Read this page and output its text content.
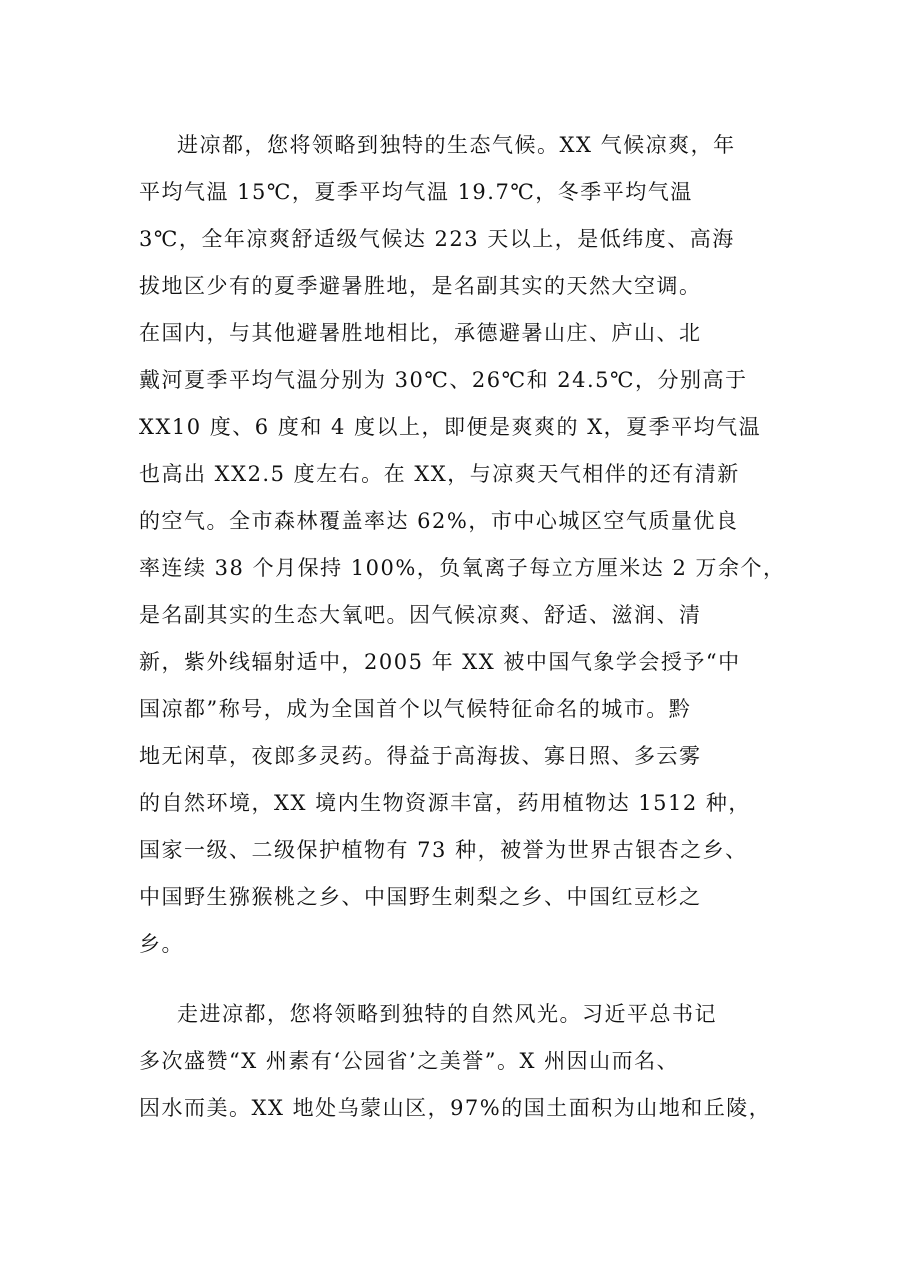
进凉都，您将领略到独特的生态气候。XX 气候凉爽，年
平均气温 15℃，夏季平均气温 19.7℃，冬季平均气温
3℃，全年凉爽舒适级气候达 223 天以上，是低纬度、高海
拔地区少有的夏季避暑胜地，是名副其实的天然大空调。
在国内，与其他避暑胜地相比，承德避暑山庄、庐山、北
戴河夏季平均气温分别为 30℃、26℃和 24.5℃，分别高于
XX10 度、6 度和 4 度以上，即便是爽爽的 X，夏季平均气温
也高出 XX2.5 度左右。在 XX，与凉爽天气相伴的还有清新
的空气。全市森林覆盖率达 62%，市中心城区空气质量优良
率连续 38 个月保持 100%，负氧离子每立方厘米达 2 万余个，
是名副其实的生态大氧吧。因气候凉爽、舒适、滋润、清
新，紫外线辐射适中，2005 年 XX 被中国气象学会授予“中
国凉都”称号，成为全国首个以气候特征命名的城市。黔
地无闲草，夜郎多灵药。得益于高海拔、寡日照、多云雾
的自然环境，XX 境内生物资源丰富，药用植物达 1512 种，
国家一级、二级保护植物有 73 种，被誉为世界古银杏之乡、
中国野生猕猴桃之乡、中国野生刺梨之乡、中国红豆杉之
乡。
走进凉都，您将领略到独特的自然风光。习近平总书记
多次盛赞“X 州素有‘公园省’之美誉”。X 州因山而名、
因水而美。XX 地处乌蒙山区，97%的国土面积为山地和丘陵，
